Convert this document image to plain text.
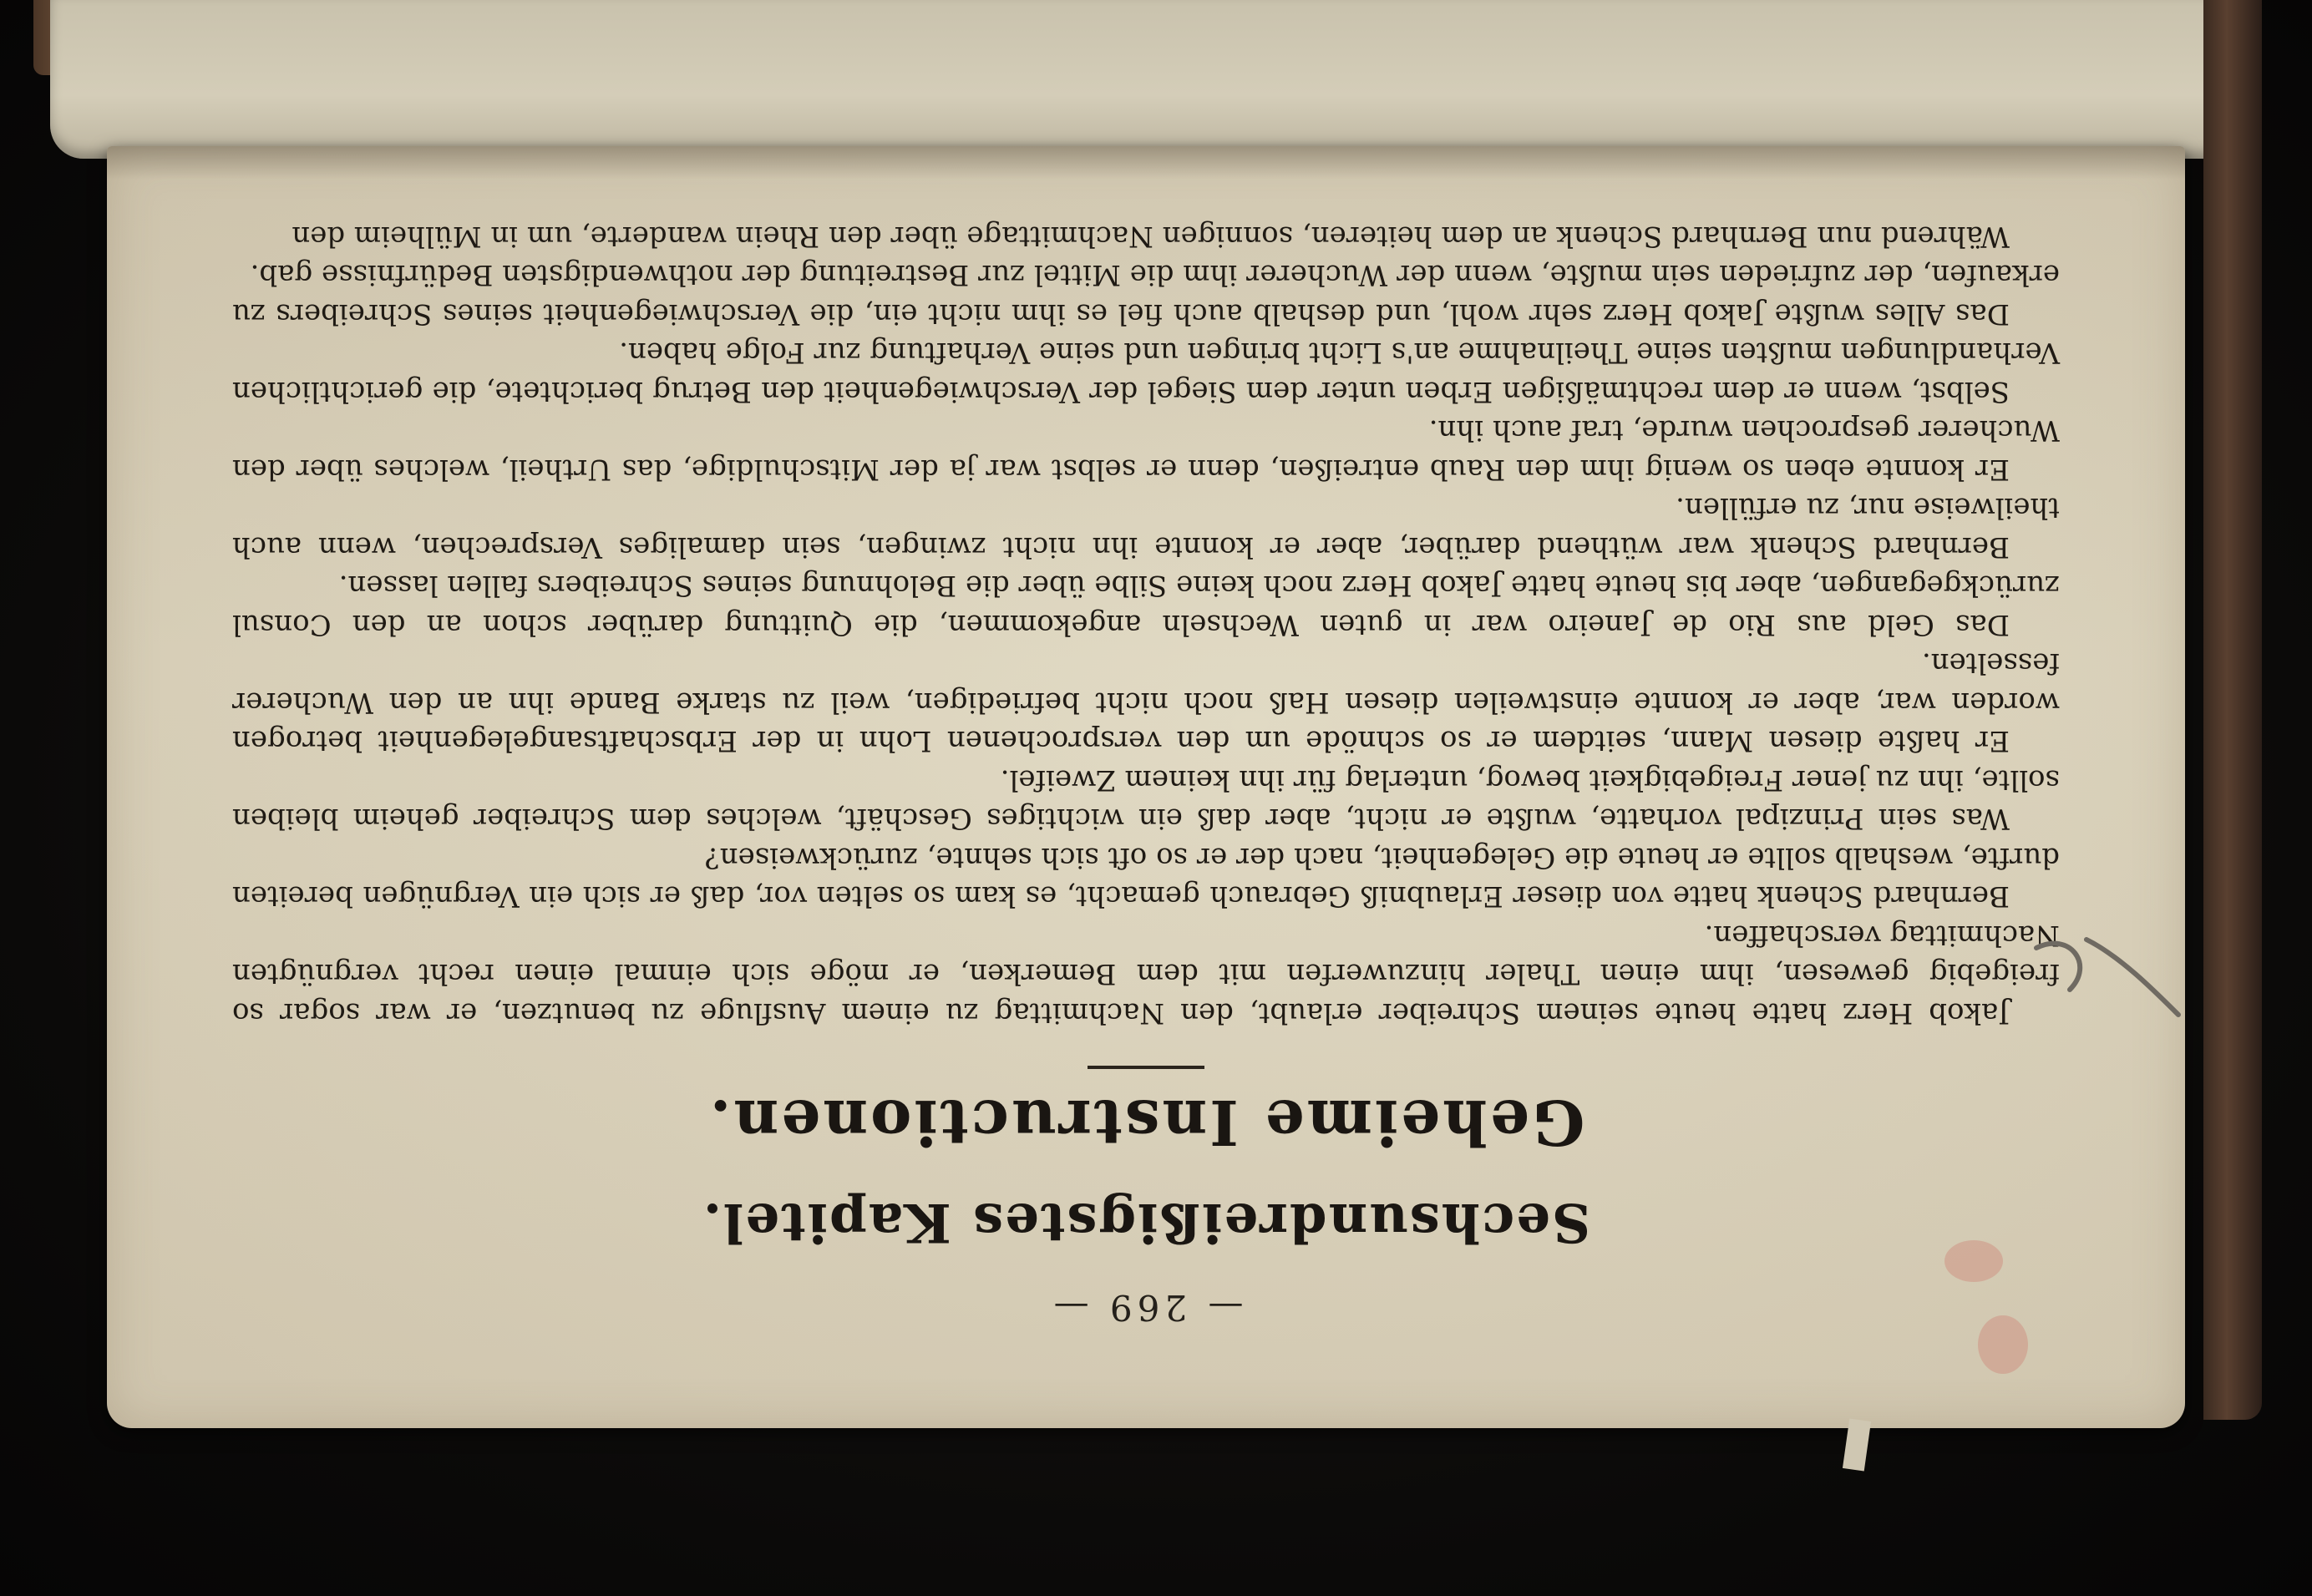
— 269 —
Sechsundreißigstes Kapitel.
Geheime Instructionen.

Jakob Herz hatte heute seinem Schreiber erlaubt, den Nachmittag zu einem Ausfluge zu benutzen, er war sogar so freigebig gewesen, ihm einen Thaler hinzuwerfen mit dem Bemerken, er möge sich einmal einen recht vergnügten Nachmittag verschaffen.

Bernhard Schenk hatte von dieser Erlaubniß Gebrauch gemacht, es kam so selten vor, daß er sich ein Vergnügen bereiten durfte, weshalb sollte er heute die Gelegenheit, nach der er so oft sich sehnte, zurückweisen?

Was sein Prinzipal vorhatte, wußte er nicht, aber daß ein wichtiges Geschäft, welches dem Schreiber geheim bleiben sollte, ihn zu jener Freigebigkeit bewog, unterlag für ihn keinem Zweifel.

Er haßte diesen Mann, seitdem er so schnöde um den versprochenen Lohn in der Erbschaftsangelegenheit betrogen worden war, aber er konnte einstweilen diesen Haß noch nicht befriedigen, weil zu starke Bande ihn an den Wucherer fesselten.

Das Geld aus Rio de Janeiro war in guten Wechseln angekommen, die Quittung darüber schon an den Consul zurückgegangen, aber bis heute hatte Jakob Herz noch keine Silbe über die Belohnung seines Schreibers fallen lassen.

Bernhard Schenk war wüthend darüber, aber er konnte ihn nicht zwingen, sein damaliges Versprechen, wenn auch theilweise nur, zu erfüllen.

Er konnte eben so wenig ihm den Raub entreißen, denn er selbst war ja der Mitschuldige, das Urtheil, welches über den Wucherer gesprochen wurde, traf auch ihn.

Selbst, wenn er dem rechtmäßigen Erben unter dem Siegel der Verschwiegenheit den Betrug berichtete, die gerichtlichen Verhandlungen mußten seine Theilnahme an's Licht bringen und seine Verhaftung zur Folge haben.

Das Alles wußte Jakob Herz sehr wohl, und deshalb auch fiel es ihm nicht ein, die Verschwiegenheit seines Schreibers zu erkaufen, der zufrieden sein mußte, wenn der Wucherer ihm die Mittel zur Bestreitung der nothwendigsten Bedürfnisse gab.

Während nun Bernhard Schenk an dem heiteren, sonnigen Nachmittage über den Rhein wanderte, um in Mülheim den
